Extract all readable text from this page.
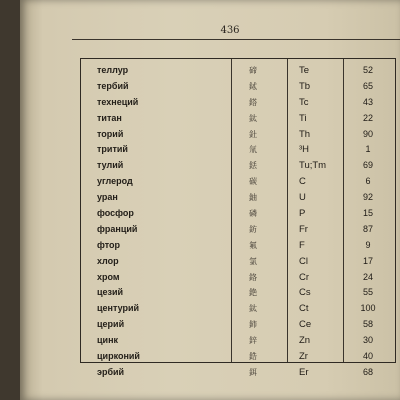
436
теллур	碲	Te	52
тербий	鋱	Tb	65
технеций	鎝	Tc	43
титан	鈦	Ti	22
торий	釷	Th	90
тритий	氚	³H	1
тулий	銩	Tu;Tm	69
углерод	碳	C	6
уран	鈾	U	92
фосфор	磷	P	15
франций	鈁	Fr	87
фтор	氟	F	9
хлор	氯	Cl	17
хром	鉻	Cr	24
цезий	銫	Cs	55
центурий	鈦	Ct	100
церий	鈰	Ce	58
цинк	鋅	Zn	30
цирконий	鋯	Zr	40
эрбий	鉺	Er	68
